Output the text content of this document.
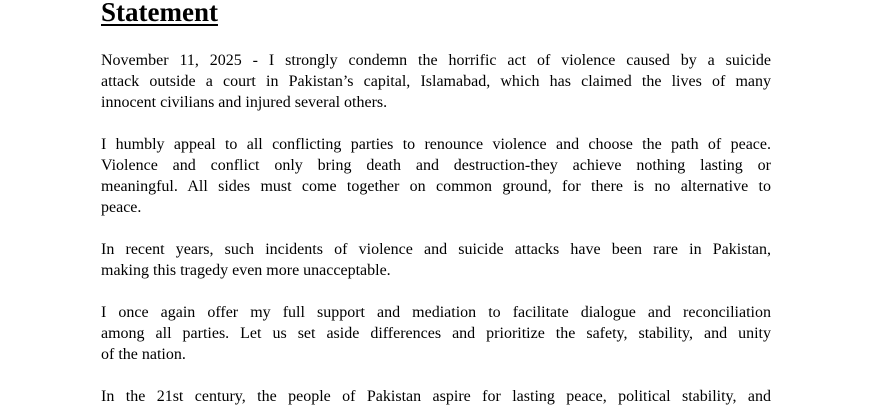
Statement

November 11, 2025 - I strongly condemn the horrific act of violence caused by a suicide
attack outside a court in Pakistan’s capital, Islamabad, which has claimed the lives of many
innocent civilians and injured several others.

I humbly appeal to all conflicting parties to renounce violence and choose the path of peace.
Violence and conflict only bring death and destruction-they achieve nothing lasting or
meaningful. All sides must come together on common ground, for there is no alternative to
peace.

In recent years, such incidents of violence and suicide attacks have been rare in Pakistan,
making this tragedy even more unacceptable.

I once again offer my full support and mediation to facilitate dialogue and reconciliation
among all parties. Let us set aside differences and prioritize the safety, stability, and unity
of the nation.

In the 21st century, the people of Pakistan aspire for lasting peace, political stability, and
